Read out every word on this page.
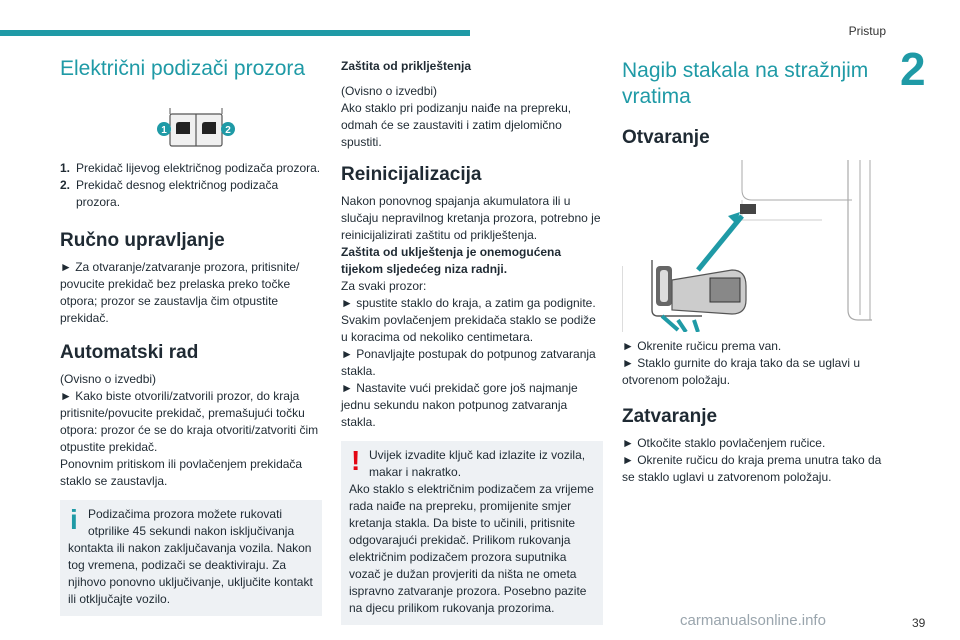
Pristup
2
Električni podizači prozora
1	2
1. Prekidač lijevog električnog podizača prozora.
2. Prekidač desnog električnog podizača prozora.
Ručno upravljanje

► Za otvaranje/zatvaranje prozora, pritisnite/ povucite prekidač bez prelaska preko točke otpora; prozor se zaustavlja čim otpustite prekidač.

Automatski rad

(Ovisno o izvedbi)

► Kako biste otvorili/zatvorili prozor, do kraja pritisnite/povucite prekidač, premašujući točku otpora: prozor će se do kraja otvoriti/zatvoriti čim otpustite prekidač.

Ponovnim pritiskom ili povlačenjem prekidača staklo se zaustavlja.

i Podizačima prozora možete rukovati otprilike 45 sekundi nakon isključivanja

kontakta ili nakon zaključavanja vozila. Nakon tog vremena, podizači se deaktiviraju. Za njihovo ponovno uključivanje, uključite kontakt ili otključajte vozilo.

Zaštita od priklještenja

(Ovisno o izvedbi)

Ako staklo pri podizanju naiđe na prepreku, odmah će se zaustaviti i zatim djelomično spustiti.

Reinicijalizacija

Nakon ponovnog spajanja akumulatora ili u slučaju nepravilnog kretanja prozora, potrebno je reinicijalizirati zaštitu od priklještenja.

Zaštita od uklještenja je onemogućena tijekom sljedećeg niza radnji.

Za svaki prozor:

► spustite staklo do kraja, a zatim ga podignite. Svakim povlačenjem prekidača staklo se podiže u koracima od nekoliko centimetara.

► Ponavljajte postupak do potpunog zatvaranja stakla.

► Nastavite vući prekidač gore još najmanje jednu sekundu nakon potpunog zatvaranja stakla.

! Uvijek izvadite ključ kad izlazite iz vozila, makar i nakratko.

Ako staklo s električnim podizačem za vrijeme rada naiđe na prepreku, promijenite smjer kretanja stakla. Da biste to učinili, pritisnite odgovarajući prekidač. Prilikom rukovanja električnim podizačem prozora suputnika vozač je dužan provjeriti da ništa ne ometa ispravno zatvaranje prozora. Posebno pazite na djecu prilikom rukovanja prozorima.

Nagib stakala na stražnjim vratima
Otvaranje

► Okrenite ručicu prema van.

► Staklo gurnite do kraja tako da se uglavi u otvorenom položaju.

Zatvaranje

► Otkočite staklo povlačenjem ručice.

► Okrenite ručicu do kraja prema unutra tako da se staklo uglavi u zatvorenom položaju.

carmanualsonline.info	39
